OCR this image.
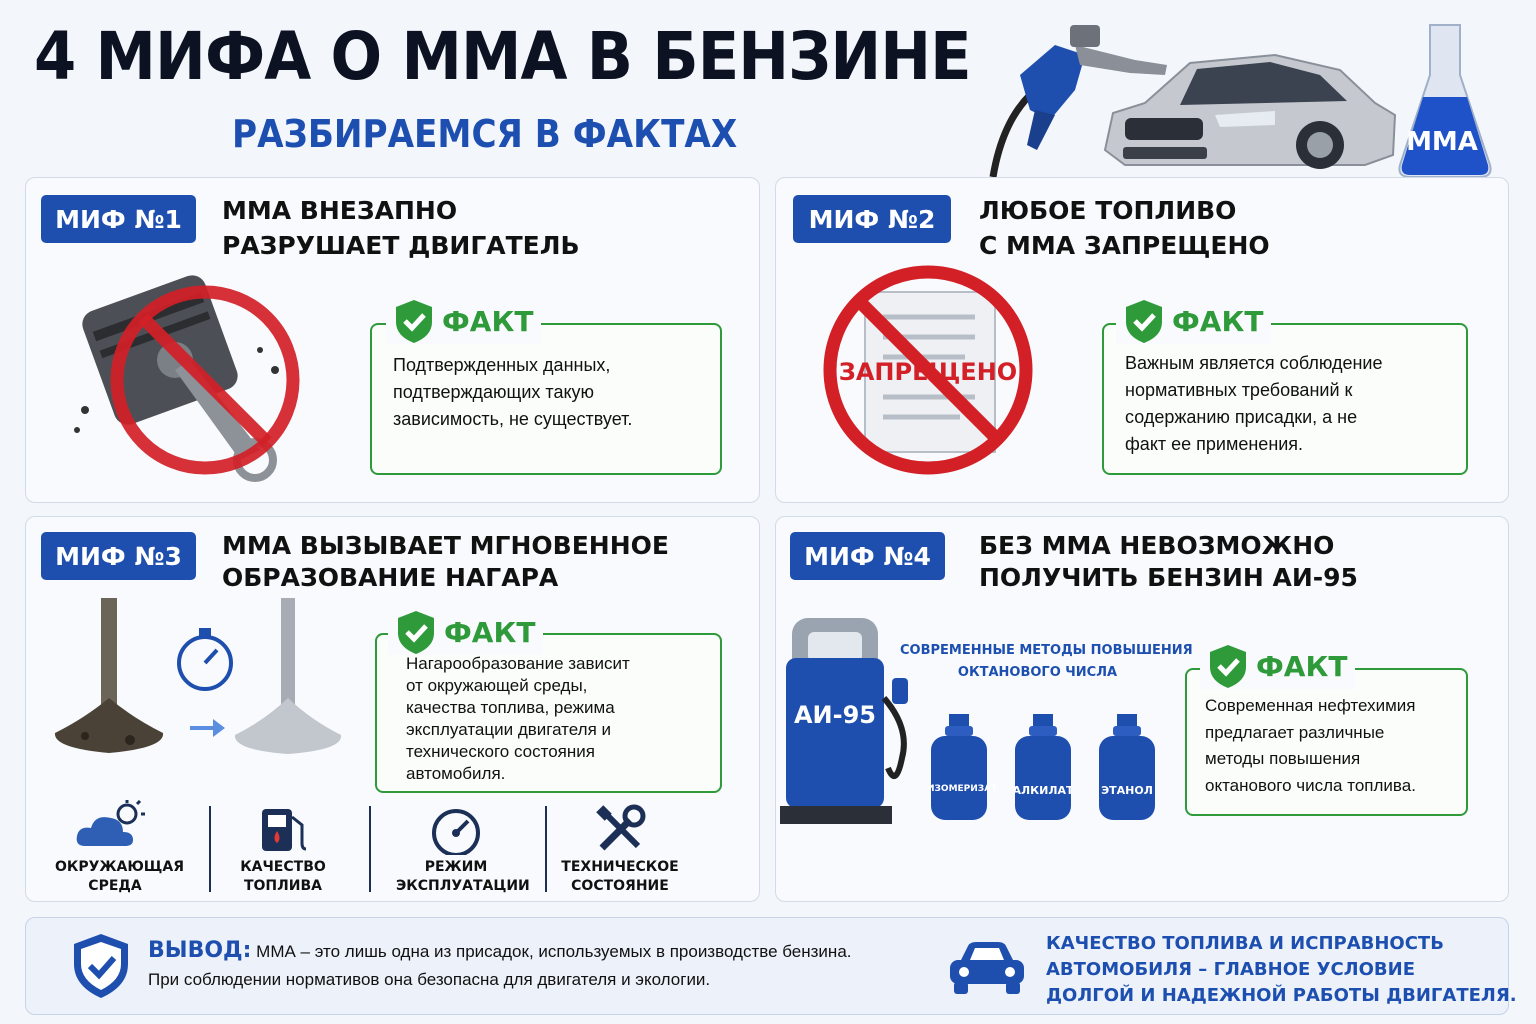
4 МИФА О ММА В БЕНЗИНЕ
РАЗБИРАЕМСЯ В ФАКТАХ	ММА
МИФ №1	ММА ВНЕЗАПНО
РАЗРУШАЕТ ДВИГАТЕЛЬ
ФАКТ
Подтвержденных данных,
подтверждающих такую
зависимость, не существует.
МИФ №2	ЛЮБОЕ ТОПЛИВО
С ММА ЗАПРЕЩЕНО
ЗАПРЕЩЕНО
ФАКТ
Важным является соблюдение
нормативных требований к
содержанию присадки, а не
факт ее применения.
МИФ №3	ММА ВЫЗЫВАЕТ МГНОВЕННОЕ
ОБРАЗОВАНИЕ НАГАРА
ФАКТ
Нагарообразование зависит
от окружающей среды,
качества топлива, режима
эксплуатации двигателя и
технического состояния
автомобиля.
ОКРУЖАЮЩАЯ
СРЕДА
КАЧЕСТВО
ТОПЛИВА
РЕЖИМ
ЭКСПЛУАТАЦИИ
ТЕХНИЧЕСКОЕ
СОСТОЯНИЕ
МИФ №4	БЕЗ ММА НЕВОЗМОЖНО
ПОЛУЧИТЬ БЕНЗИН АИ-95
СОВРЕМЕННЫЕ МЕТОДЫ ПОВЫШЕНИЯ
ОКТАНОВОГО ЧИСЛА
АИ-95
ИЗОМЕРИЗАТ АЛКИЛАТ	ЭТАНОЛ
ФАКТ
Современная нефтехимия
предлагает различные
методы повышения
октанового числа топлива.
ВЫВОД: ММА – это лишь одна из присадок, используемых в производстве бензина.
При соблюдении нормативов она безопасна для двигателя и экологии.
КАЧЕСТВО ТОПЛИВА И ИСПРАВНОСТЬ
АВТОМОБИЛЯ – ГЛАВНОЕ УСЛОВИЕ
ДОЛГОЙ И НАДЕЖНОЙ РАБОТЫ ДВИГАТЕЛЯ.
